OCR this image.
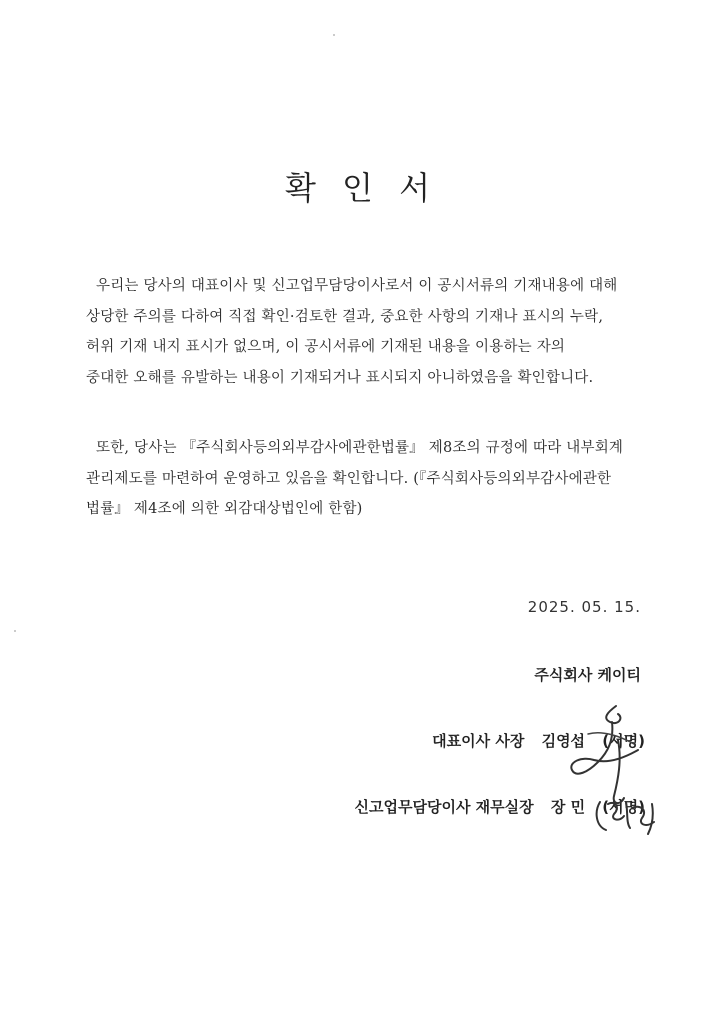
확 인 서
우리는 당사의 대표이사 및 신고업무담당이사로서 이 공시서류의 기재내용에 대해
상당한 주의를 다하여 직접 확인·검토한 결과, 중요한 사항의 기재나 표시의 누락,
허위 기재 내지 표시가 없으며, 이 공시서류에 기재된 내용을 이용하는 자의
중대한 오해를 유발하는 내용이 기재되거나 표시되지 아니하였음을 확인합니다.
또한, 당사는 『주식회사등의외부감사에관한법률』 제8조의 규정에 따라 내부회계
관리제도를 마련하여 운영하고 있음을 확인합니다. (『주식회사등의외부감사에관한
법률』 제4조에 의한 외감대상법인에 한함)
2025. 05. 15.
주식회사 케이티
대표이사 사장 김영섭 (서명)
신고업무담당이사 재무실장 장 민 (서명)
